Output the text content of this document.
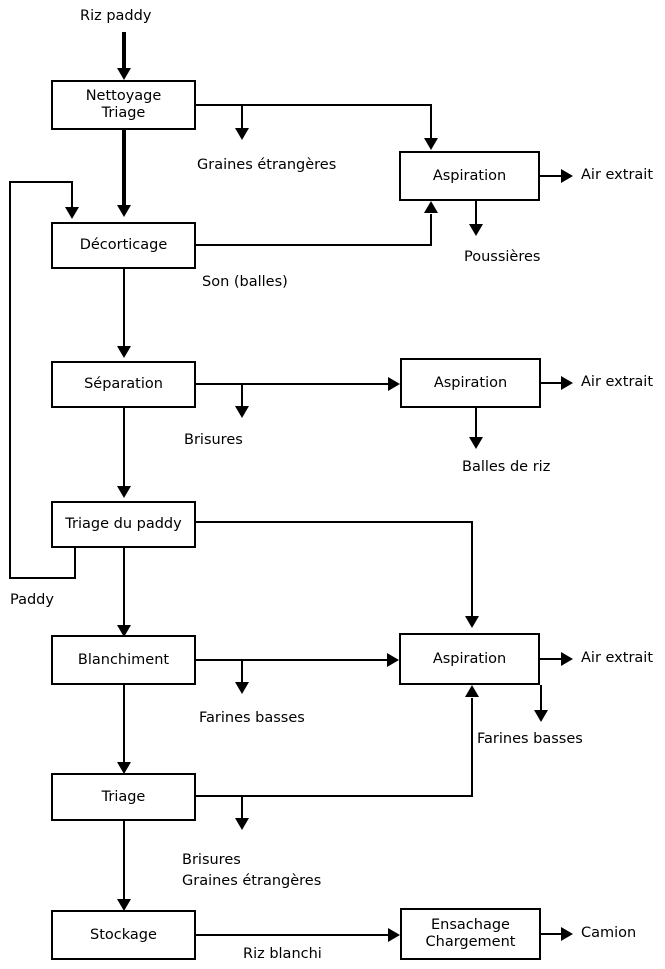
Riz paddy
Nettoyage
Triage
Graines étrangères
Aspiration	Air extrait
Poussières
Décorticage
Son (balles)
Séparation
Brisures
Aspiration	Air extrait
Balles de riz
Triage du paddy
Paddy
Blanchiment
Farines basses
Aspiration	Air extrait
Farines basses
Triage
Brisures
Graines étrangères
Stockage
Riz blanchi
Ensachage
Chargement
Camion
